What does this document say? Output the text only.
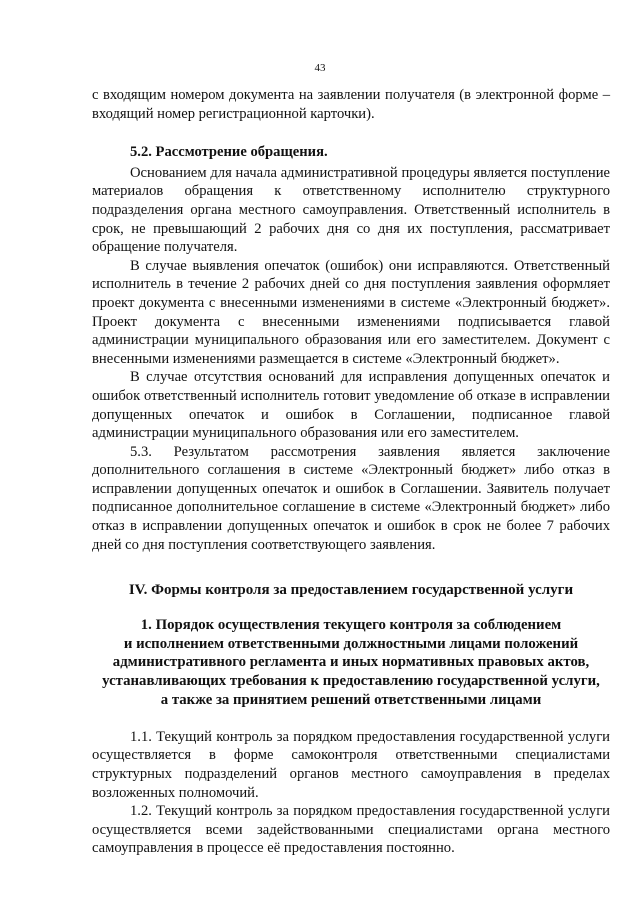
43

с входящим номером документа на заявлении получателя (в электронной форме – входящий номер регистрационной карточки).

5.2. Рассмотрение обращения.

Основанием для начала административной процедуры является поступление материалов обращения к ответственному исполнителю структурного подразделения органа местного самоуправления. Ответственный исполнитель в срок, не превышающий 2 рабочих дня со дня их поступления, рассматривает обращение получателя.

В случае выявления опечаток (ошибок) они исправляются. Ответственный исполнитель в течение 2 рабочих дней со дня поступления заявления оформляет проект документа с внесенными изменениями в системе «Электронный бюджет». Проект документа с внесенными изменениями подписывается главой администрации муниципального образования или его заместителем. Документ с внесенными изменениями размещается в системе «Электронный бюджет».

В случае отсутствия оснований для исправления допущенных опечаток и ошибок ответственный исполнитель готовит уведомление об отказе в исправлении допущенных опечаток и ошибок в Соглашении, подписанное главой администрации муниципального образования или его заместителем.

5.3. Результатом рассмотрения заявления является заключение дополнительного соглашения в системе «Электронный бюджет» либо отказ в исправлении допущенных опечаток и ошибок в Соглашении. Заявитель получает подписанное дополнительное соглашение в системе «Электронный бюджет» либо отказ в исправлении допущенных опечаток и ошибок в срок не более 7 рабочих дней со дня поступления соответствующего заявления.

IV. Формы контроля за предоставлением государственной услуги

1. Порядок осуществления текущего контроля за соблюдением
и исполнением ответственными должностными лицами положений
административного регламента и иных нормативных правовых актов,
устанавливающих требования к предоставлению государственной услуги,
а также за принятием решений ответственными лицами

1.1. Текущий контроль за порядком предоставления государственной услуги осуществляется в форме самоконтроля ответственными специалистами структурных подразделений органов местного самоуправления в пределах возложенных полномочий.

1.2. Текущий контроль за порядком предоставления государственной услуги осуществляется всеми задействованными специалистами органа местного самоуправления в процессе её предоставления постоянно.
